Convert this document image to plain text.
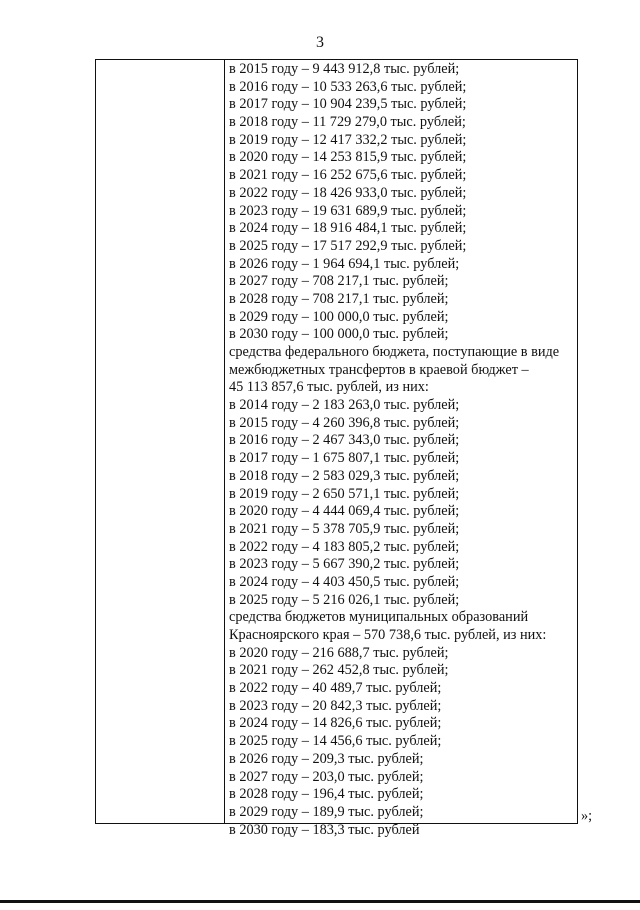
3
в 2015 году – 9 443 912,8 тыс. рублей;
в 2016 году – 10 533 263,6 тыс. рублей;
в 2017 году – 10 904 239,5 тыс. рублей;
в 2018 году – 11 729 279,0 тыс. рублей;
в 2019 году – 12 417 332,2 тыс. рублей;
в 2020 году – 14 253 815,9 тыс. рублей;
в 2021 году – 16 252 675,6 тыс. рублей;
в 2022 году – 18 426 933,0 тыс. рублей;
в 2023 году – 19 631 689,9 тыс. рублей;
в 2024 году – 18 916 484,1 тыс. рублей;
в 2025 году – 17 517 292,9 тыс. рублей;
в 2026 году – 1 964 694,1 тыс. рублей;
в 2027 году – 708 217,1 тыс. рублей;
в 2028 году – 708 217,1 тыс. рублей;
в 2029 году – 100 000,0 тыс. рублей;
в 2030 году – 100 000,0 тыс. рублей;
средства федерального бюджета, поступающие в виде
межбюджетных трансфертов в краевой бюджет –
45 113 857,6 тыс. рублей, из них:
в 2014 году – 2 183 263,0 тыс. рублей;
в 2015 году – 4 260 396,8 тыс. рублей;
в 2016 году – 2 467 343,0 тыс. рублей;
в 2017 году – 1 675 807,1 тыс. рублей;
в 2018 году – 2 583 029,3 тыс. рублей;
в 2019 году – 2 650 571,1 тыс. рублей;
в 2020 году – 4 444 069,4 тыс. рублей;
в 2021 году – 5 378 705,9 тыс. рублей;
в 2022 году – 4 183 805,2 тыс. рублей;
в 2023 году – 5 667 390,2 тыс. рублей;
в 2024 году – 4 403 450,5 тыс. рублей;
в 2025 году – 5 216 026,1 тыс. рублей;
средства бюджетов муниципальных образований
Красноярского края – 570 738,6 тыс. рублей, из них:
в 2020 году – 216 688,7 тыс. рублей;
в 2021 году – 262 452,8 тыс. рублей;
в 2022 году – 40 489,7 тыс. рублей;
в 2023 году – 20 842,3 тыс. рублей;
в 2024 году – 14 826,6 тыс. рублей;
в 2025 году – 14 456,6 тыс. рублей;
в 2026 году – 209,3 тыс. рублей;
в 2027 году – 203,0 тыс. рублей;
в 2028 году – 196,4 тыс. рублей;
в 2029 году – 189,9 тыс. рублей;
в 2030 году – 183,3 тыс. рублей
»;
